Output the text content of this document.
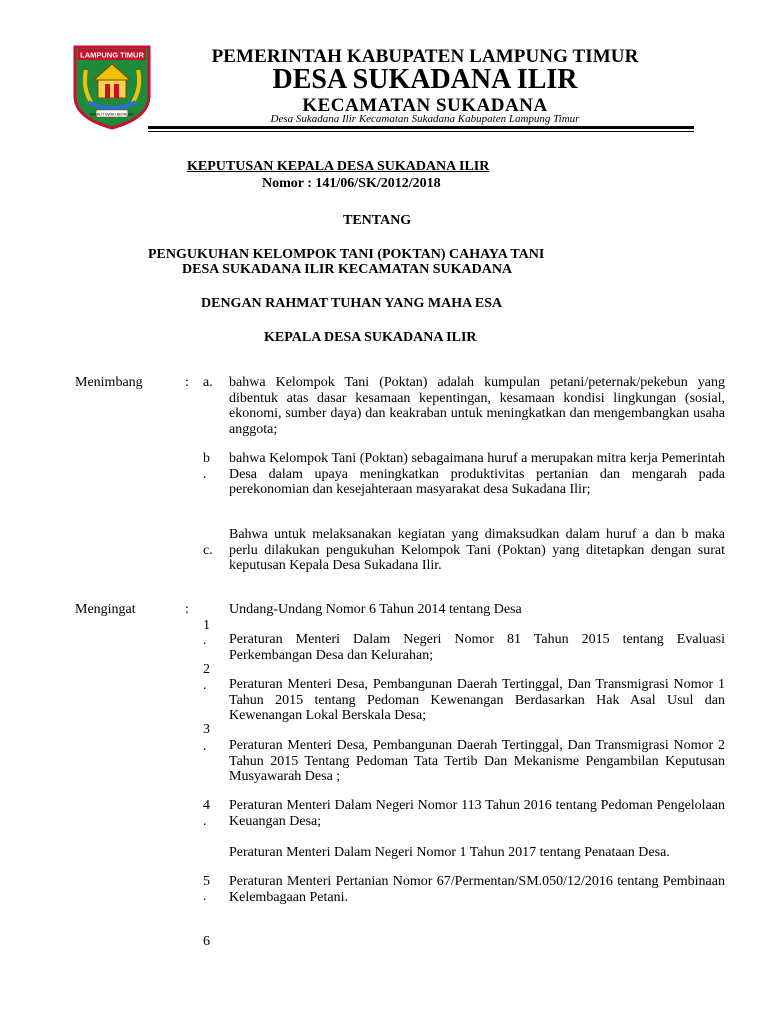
LAMPUNG TIMUR
BUMEI TUWAH BEPADAN
PEMERINTAH KABUPATEN LAMPUNG TIMUR
DESA SUKADANA ILIR
KECAMATAN SUKADANA
Desa Sukadana Ilir Kecamatan Sukadana Kabupaten Lampung Timur
KEPUTUSAN KEPALA DESA SUKADANA ILIR
Nomor : 141/06/SK/2012/2018
TENTANG
PENGUKUHAN KELOMPOK TANI (POKTAN) CAHAYA TANI
DESA SUKADANA ILIR KECAMATAN SUKADANA
DENGAN RAHMAT TUHAN YANG MAHA ESA
KEPALA DESA SUKADANA ILIR
Menimbang	: a. bahwa Kelompok Tani (Poktan) adalah kumpulan petani/peternak/pekebun yang dibentuk atas dasar kesamaan kepentingan, kesamaan kondisi lingkungan (sosial, ekonomi, sumber daya) dan keakraban untuk meningkatkan dan mengembangkan usaha anggota;
b
.
bahwa Kelompok Tani (Poktan) sebagaimana huruf a merupakan mitra kerja Pemerintah Desa dalam upaya meningkatkan produktivitas pertanian dan mengarah pada perekonomian dan kesejahteraan masyarakat desa Sukadana Ilir;
c.
Bahwa untuk melaksanakan kegiatan yang dimaksudkan dalam huruf a dan b maka perlu dilakukan pengukuhan Kelompok Tani (Poktan) yang ditetapkan dengan surat keputusan Kepala Desa Sukadana Ilir.
Mengingat	:
1
.
2
.
3
.
4
.
5
.
6
Undang-Undang Nomor 6 Tahun 2014 tentang Desa
Peraturan Menteri Dalam Negeri Nomor 81 Tahun 2015 tentang Evaluasi Perkembangan Desa dan Kelurahan;
Peraturan Menteri Desa, Pembangunan Daerah Tertinggal, Dan Transmigrasi Nomor 1 Tahun 2015 tentang Pedoman Kewenangan Berdasarkan Hak Asal Usul dan Kewenangan Lokal Berskala Desa;
Peraturan Menteri Desa, Pembangunan Daerah Tertinggal, Dan Transmigrasi Nomor 2 Tahun 2015 Tentang Pedoman Tata Tertib Dan Mekanisme Pengambilan Keputusan Musyawarah Desa ;
Peraturan Menteri Dalam Negeri Nomor 113 Tahun 2016 tentang Pedoman Pengelolaan Keuangan Desa;
Peraturan Menteri Dalam Negeri Nomor 1 Tahun 2017 tentang Penataan Desa.
Peraturan Menteri Pertanian Nomor 67/Permentan/SM.050/12/2016 tentang Pembinaan Kelembagaan Petani.
